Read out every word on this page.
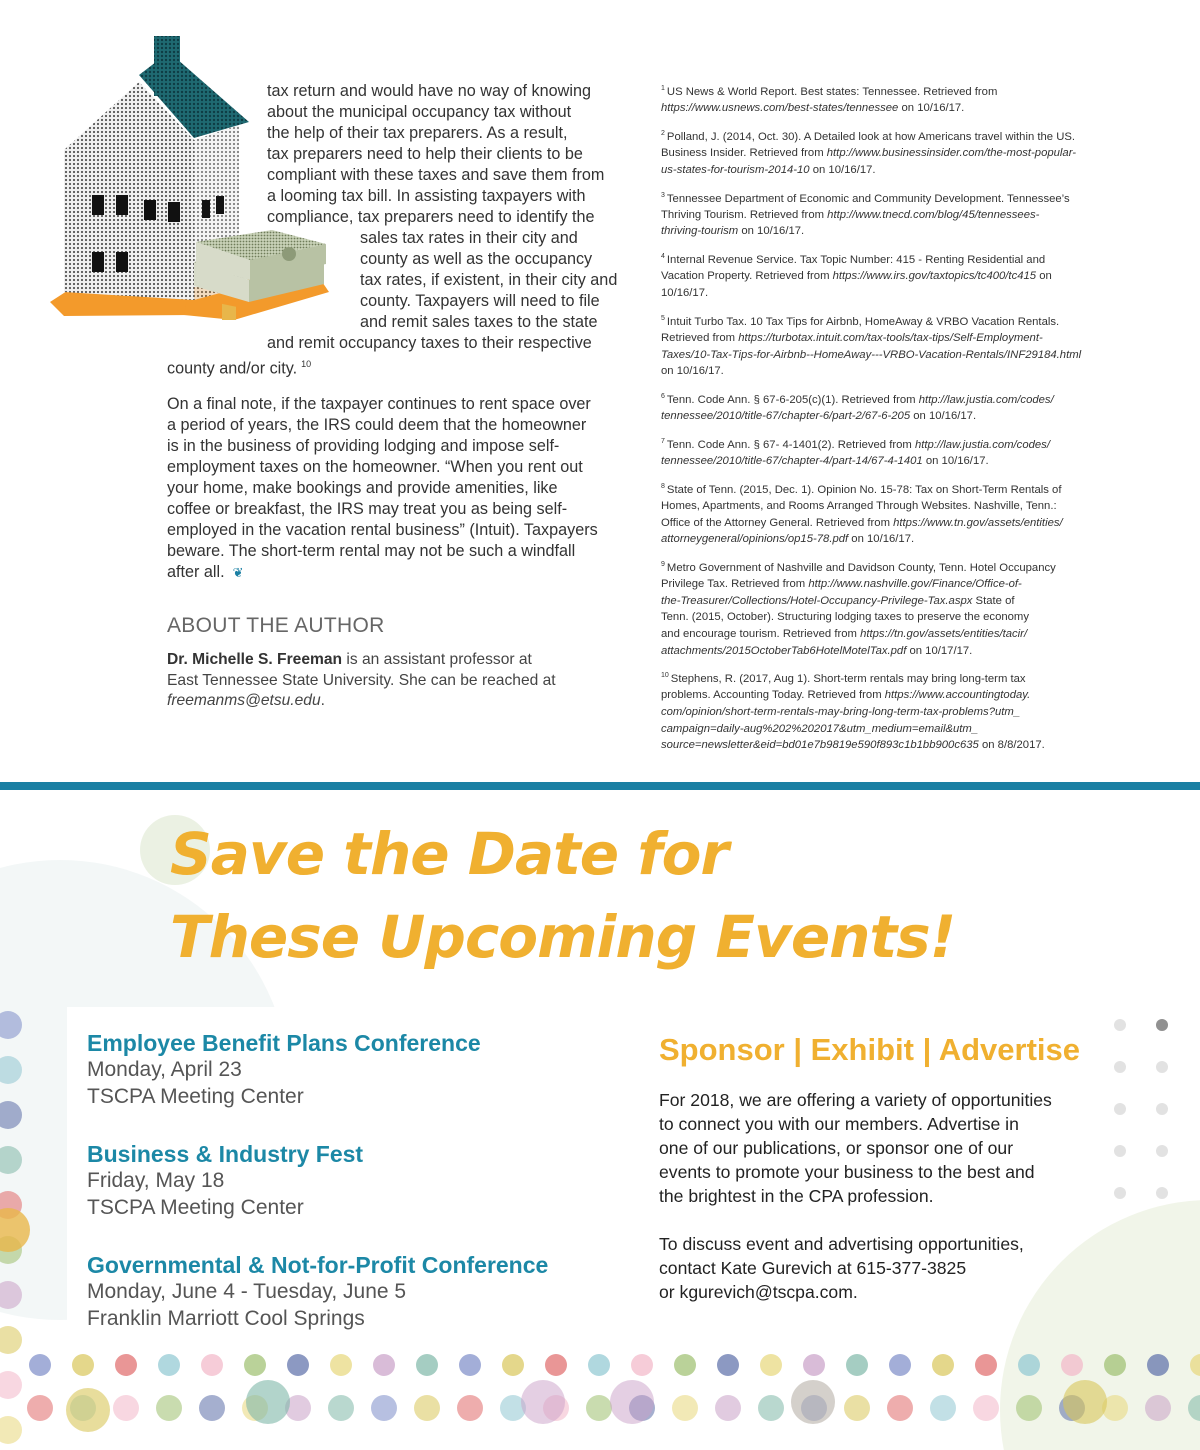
tax return and would have no way of knowing
about the municipal occupancy tax without
the help of their tax preparers. As a result,
tax preparers need to help their clients to be
compliant with these taxes and save them from
a looming tax bill. In assisting taxpayers with
compliance, tax preparers need to identify the
sales tax rates in their city and
county as well as the occupancy
tax rates, if existent, in their city and
county. Taxpayers will need to file
and remit sales taxes to the state
and remit occupancy taxes to their respective
county and/or city. $^{10}$
On a final note, if the taxpayer continues to rent space over
a period of years, the IRS could deem that the homeowner
is in the business of providing lodging and impose self-
employment taxes on the homeowner. “When you rent out
your home, make bookings and provide amenities, like
coffee or breakfast, the IRS may treat you as being self-
employed in the vacation rental business” (Intuit). Taxpayers
beware. The short-term rental may not be such a windfall
after all. ❦
ABOUT THE AUTHOR
Dr. Michelle S. Freeman is an assistant professor at
East Tennessee State University. She can be reached at
freemanms@etsu.edu.
$^1$ US News & World Report. Best states: Tennessee. Retrieved from
https://www.usnews.com/best-states/tennessee on 10/16/17.
$^2$ Polland, J. (2014, Oct. 30). A Detailed look at how Americans travel within the US.
Business Insider. Retrieved from http://www.businessinsider.com/the-most-popular-
us-states-for-tourism-2014-10 on 10/16/17.
$^3$ Tennessee Department of Economic and Community Development. Tennessee’s
Thriving Tourism. Retrieved from http://www.tnecd.com/blog/45/tennessees-
thriving-tourism on 10/16/17.
$^4$ Internal Revenue Service. Tax Topic Number: 415 - Renting Residential and
Vacation Property. Retrieved from https://www.irs.gov/taxtopics/tc400/tc415 on
10/16/17.
$^5$ Intuit Turbo Tax. 10 Tax Tips for Airbnb, HomeAway & VRBO Vacation Rentals.
Retrieved from https://turbotax.intuit.com/tax-tools/tax-tips/Self-Employment-
Taxes/10-Tax-Tips-for-Airbnb--HomeAway---VRBO-Vacation-Rentals/INF29184.html
on 10/16/17.
$^6$ Tenn. Code Ann. § 67-6-205(c)(1). Retrieved from http://law.justia.com/codes/
tennessee/2010/title-67/chapter-6/part-2/67-6-205 on 10/16/17.
$^7$ Tenn. Code Ann. § 67- 4-1401(2). Retrieved from http://law.justia.com/codes/
tennessee/2010/title-67/chapter-4/part-14/67-4-1401 on 10/16/17.
$^8$ State of Tenn. (2015, Dec. 1). Opinion No. 15-78: Tax on Short-Term Rentals of
Homes, Apartments, and Rooms Arranged Through Websites. Nashville, Tenn.:
Office of the Attorney General. Retrieved from https://www.tn.gov/assets/entities/
attorneygeneral/opinions/op15-78.pdf on 10/16/17.
$^9$ Metro Government of Nashville and Davidson County, Tenn. Hotel Occupancy
Privilege Tax. Retrieved from http://www.nashville.gov/Finance/Office-of-
the-Treasurer/Collections/Hotel-Occupancy-Privilege-Tax.aspx State of
Tenn. (2015, October). Structuring lodging taxes to preserve the economy
and encourage tourism. Retrieved from https://tn.gov/assets/entities/tacir/
attachments/2015OctoberTab6HotelMotelTax.pdf on 10/17/17.
$^{10}$ Stephens, R. (2017, Aug 1). Short-term rentals may bring long-term tax
problems. Accounting Today. Retrieved from https://www.accountingtoday.
com/opinion/short-term-rentals-may-bring-long-term-tax-problems?utm_
campaign=daily-aug%202%202017&utm_medium=email&utm_
source=newsletter&eid=bd01e7b9819e590f893c1b1bb900c635 on 8/8/2017.
Save the Date for
These Upcoming Events!
Employee Benefit Plans Conference
Monday, April 23
TSCPA Meeting Center
Business & Industry Fest
Friday, May 18
TSCPA Meeting Center
Governmental & Not-for-Profit Conference
Monday, June 4 - Tuesday, June 5
Franklin Marriott Cool Springs
Sponsor | Exhibit | Advertise
For 2018, we are offering a variety of opportunities
to connect you with our members. Advertise in
one of our publications, or sponsor one of our
events to promote your business to the best and
the brightest in the CPA profession.
To discuss event and advertising opportunities,
contact Kate Gurevich at 615-377-3825
or kgurevich@tscpa.com.
